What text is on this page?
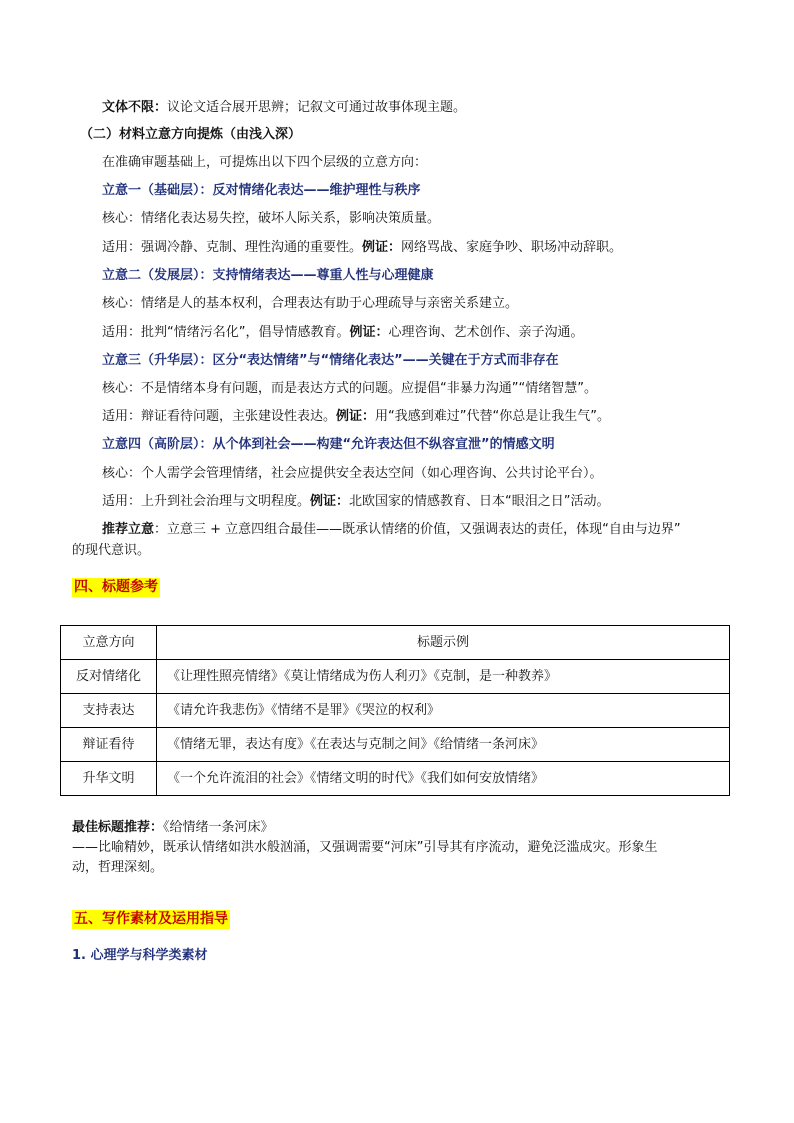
文体不限：议论文适合展开思辨；记叙文可通过故事体现主题。
（二）材料立意方向提炼（由浅入深）
在准确审题基础上，可提炼出以下四个层级的立意方向：
立意一（基础层）：反对情绪化表达——维护理性与秩序
核心：情绪化表达易失控，破坏人际关系，影响决策质量。
适用：强调冷静、克制、理性沟通的重要性。例证：网络骂战、家庭争吵、职场冲动辞职。
立意二（发展层）：支持情绪表达——尊重人性与心理健康
核心：情绪是人的基本权利，合理表达有助于心理疏导与亲密关系建立。
适用：批判“情绪污名化”，倡导情感教育。例证：心理咨询、艺术创作、亲子沟通。
立意三（升华层）：区分“表达情绪”与“情绪化表达”——关键在于方式而非存在
核心：不是情绪本身有问题，而是表达方式的问题。应提倡“非暴力沟通”“情绪智慧”。
适用：辩证看待问题，主张建设性表达。例证：用“我感到难过”代替“你总是让我生气”。
立意四（高阶层）：从个体到社会——构建“允许表达但不纵容宣泄”的情感文明
核心：个人需学会管理情绪，社会应提供安全表达空间（如心理咨询、公共讨论平台）。
适用：上升到社会治理与文明程度。例证：北欧国家的情感教育、日本“眼泪之日”活动。
推荐立意：立意三 + 立意四组合最佳——既承认情绪的价值，又强调表达的责任，体现“自由与边界”
的现代意识。
四、标题参考
立意方向	标题示例
反对情绪化	《让理性照亮情绪》《莫让情绪成为伤人利刃》《克制，是一种教养》
支持表达	《请允许我悲伤》《情绪不是罪》《哭泣的权利》
辩证看待	《情绪无罪，表达有度》《在表达与克制之间》《给情绪一条河床》
升华文明	《一个允许流泪的社会》《情绪文明的时代》《我们如何安放情绪》
最佳标题推荐：《给情绪一条河床》
——比喻精妙，既承认情绪如洪水般汹涌，又强调需要“河床”引导其有序流动，避免泛滥成灾。形象生
动，哲理深刻。
五、写作素材及运用指导
1. 心理学与科学类素材
